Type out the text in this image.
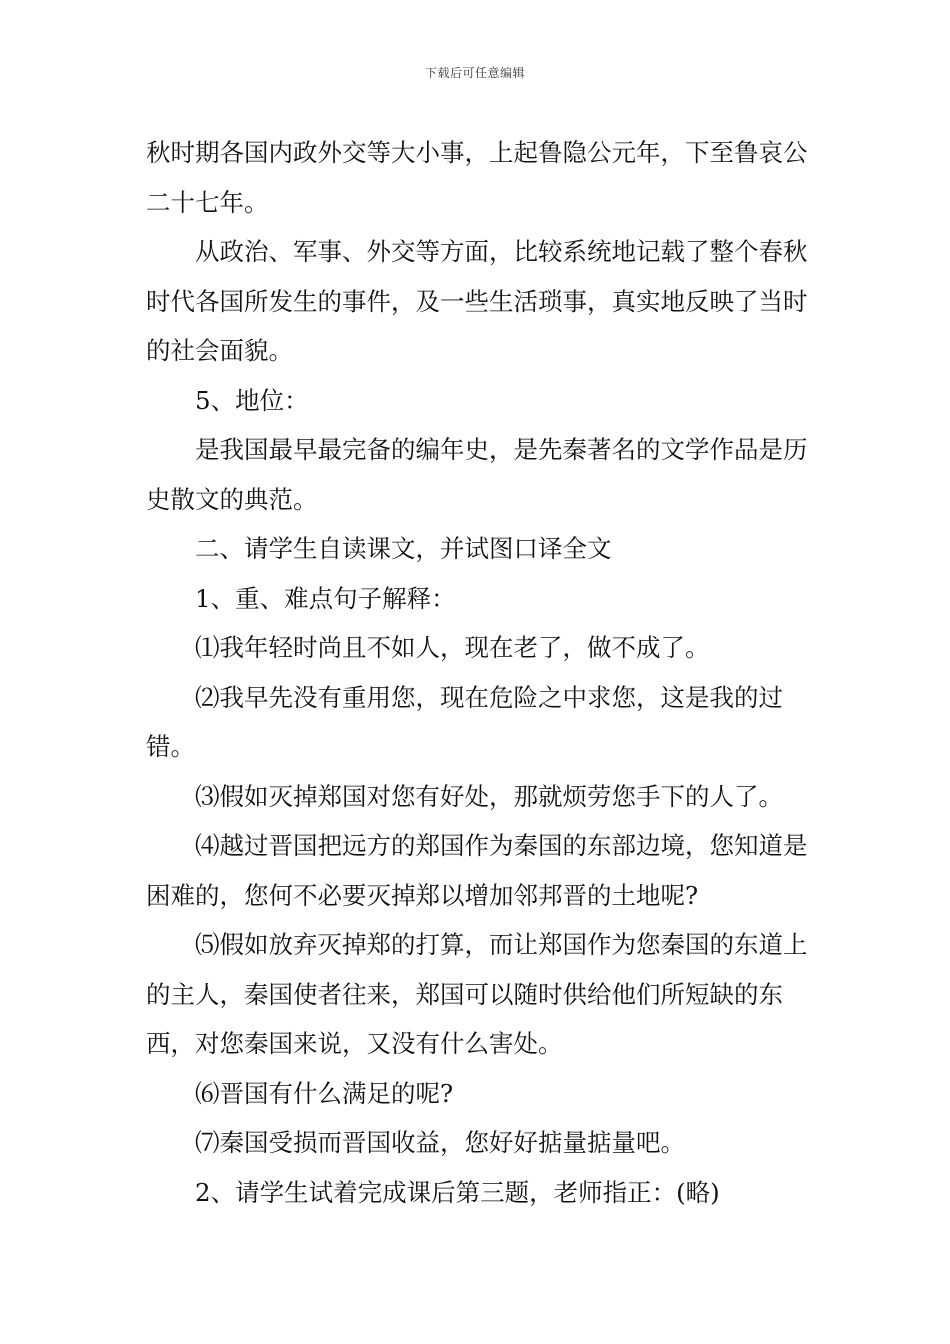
下载后可任意编辑

秋时期各国内政外交等大小事，上起鲁隐公元年，下至鲁哀公二十七年。

从政治、军事、外交等方面，比较系统地记载了整个春秋时代各国所发生的事件，及一些生活琐事，真实地反映了当时的社会面貌。

5、地位：

是我国最早最完备的编年史，是先秦著名的文学作品是历史散文的典范。

二、请学生自读课文，并试图口译全文

1、重、难点句子解释：

⑴我年轻时尚且不如人，现在老了，做不成了。

⑵我早先没有重用您，现在危险之中求您，这是我的过错。

⑶假如灭掉郑国对您有好处，那就烦劳您手下的人了。

⑷越过晋国把远方的郑国作为秦国的东部边境，您知道是困难的，您何不必要灭掉郑以增加邻邦晋的土地呢?

⑸假如放弃灭掉郑的打算，而让郑国作为您秦国的东道上的主人，秦国使者往来，郑国可以随时供给他们所短缺的东西，对您秦国来说，又没有什么害处。

⑹晋国有什么满足的呢?

⑺秦国受损而晋国收益，您好好掂量掂量吧。

2、请学生试着完成课后第三题，老师指正：(略)
